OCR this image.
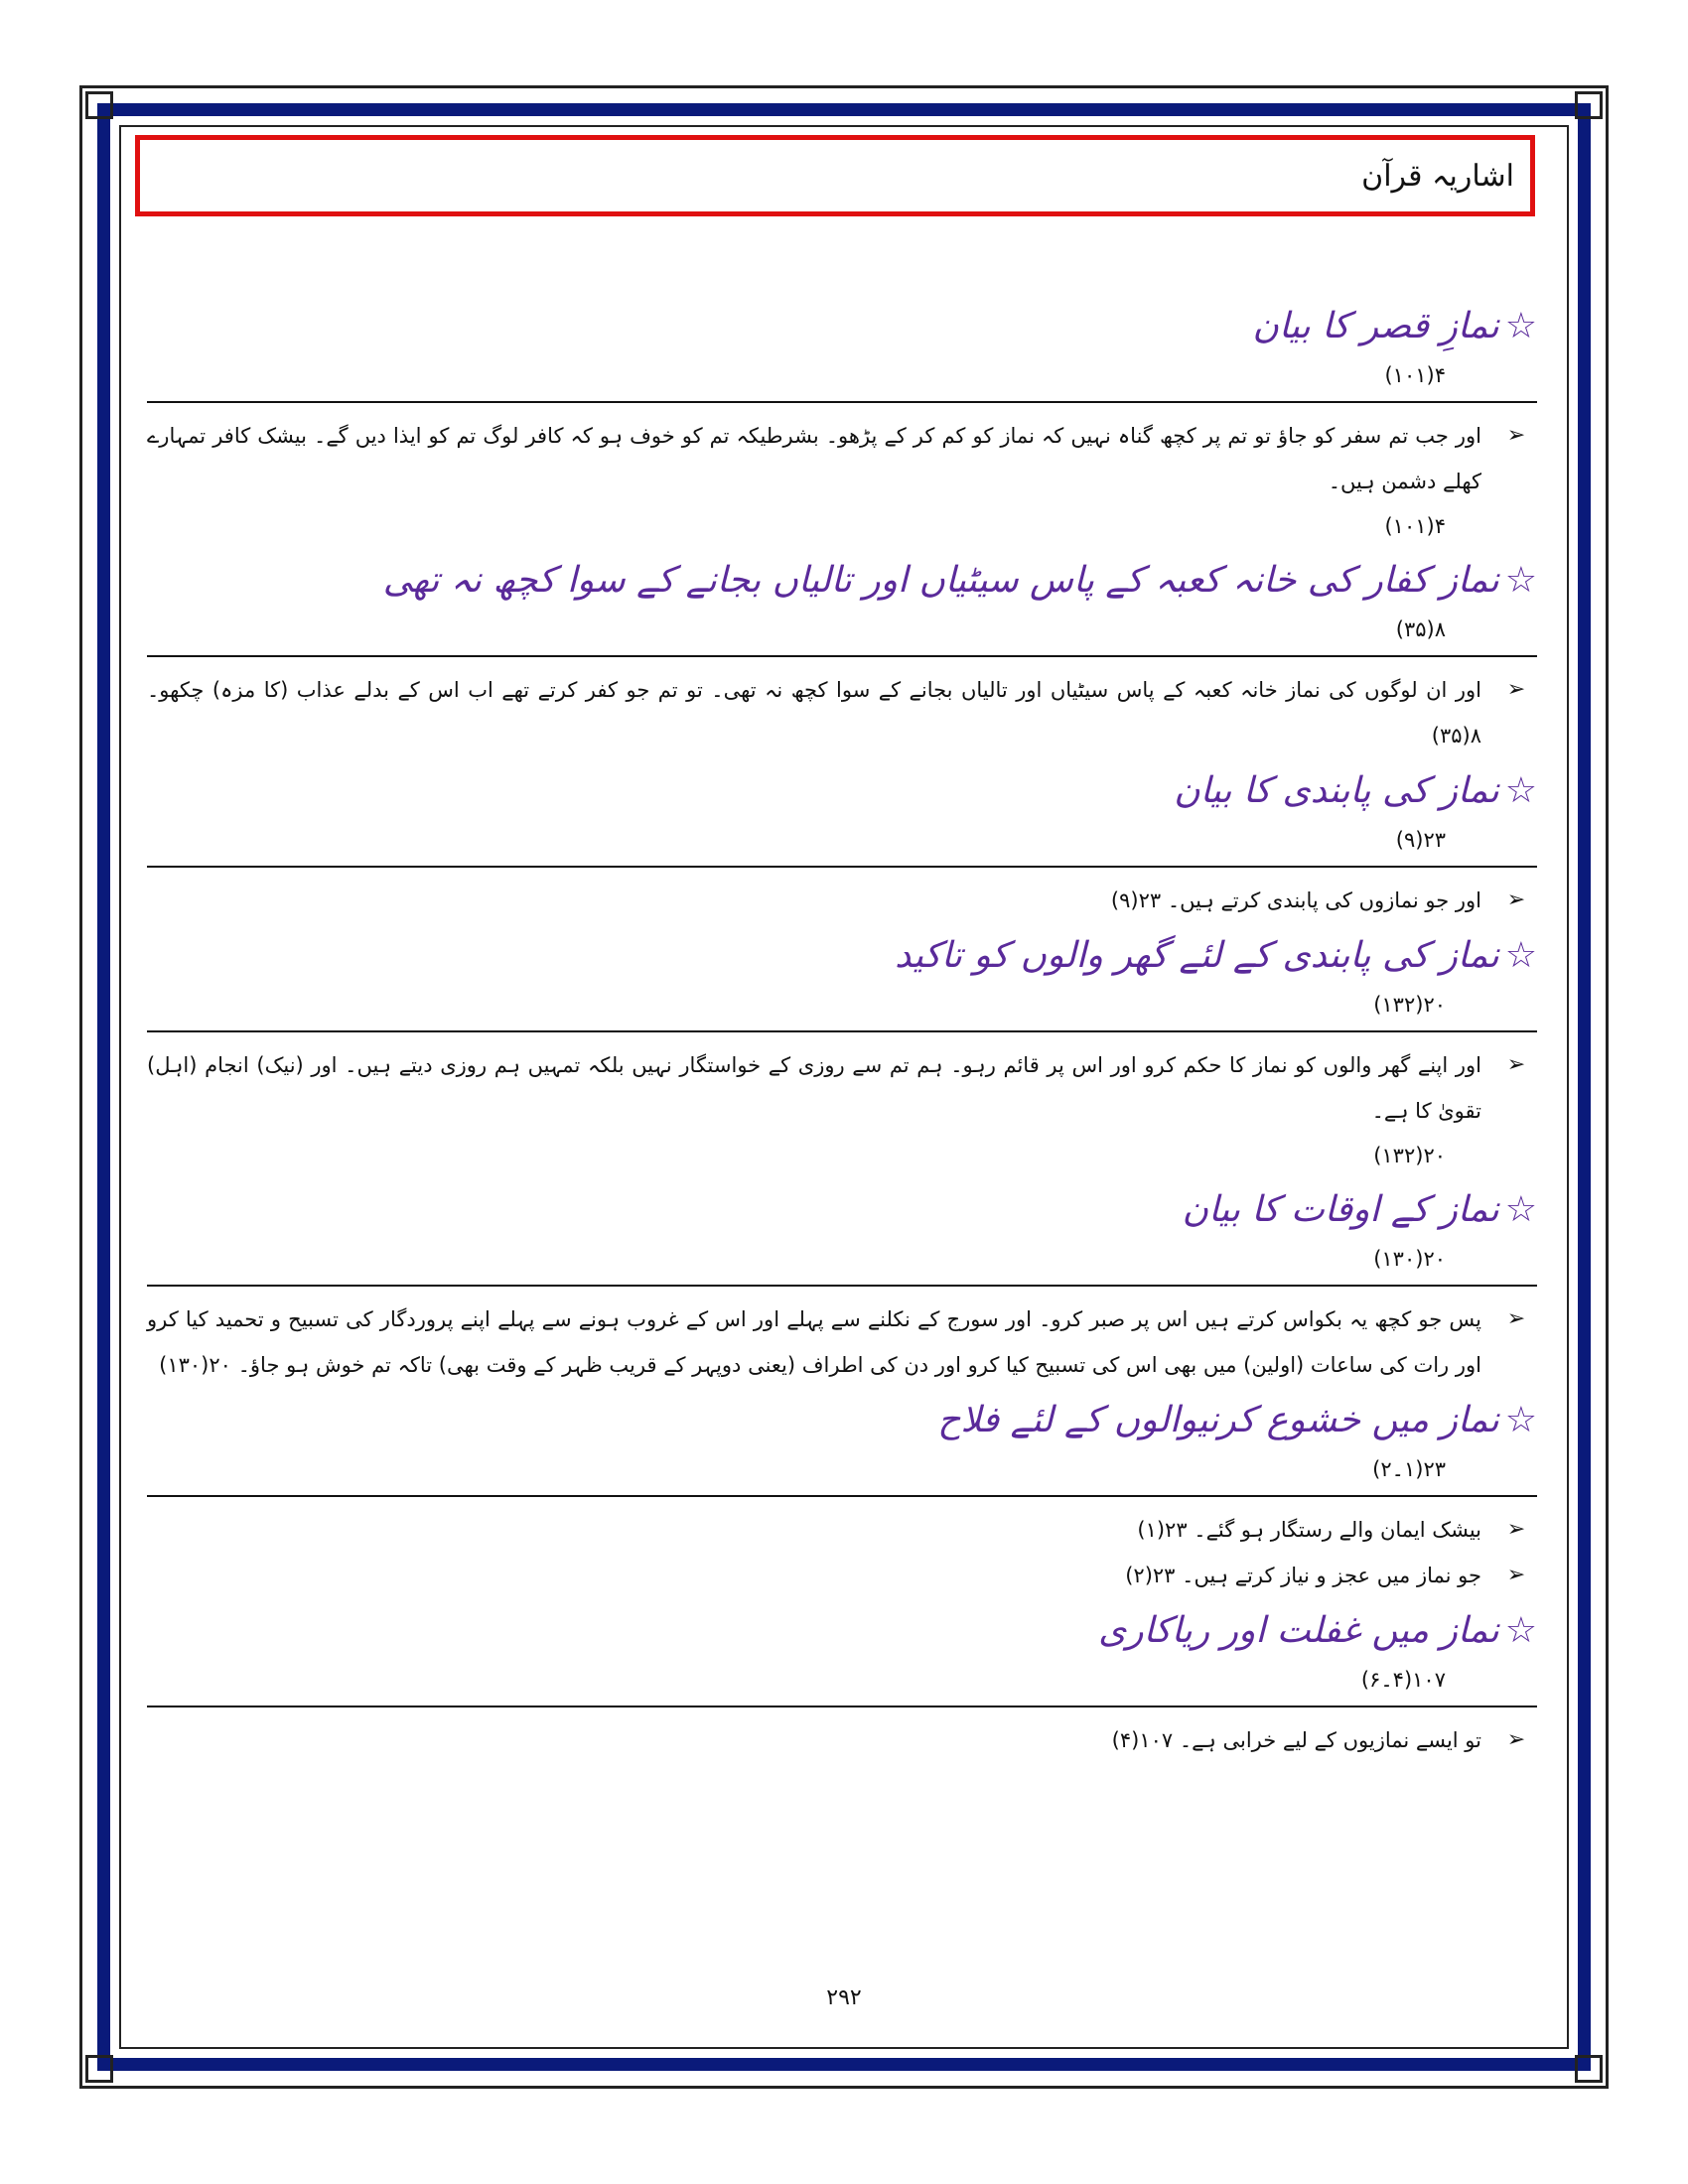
اشاریہ قرآن
☆نمازِ قصر کا بیان
۴(۱۰۱)
➢
اور جب تم سفر کو جاؤ تو تم پر کچھ گناہ نہیں کہ نماز کو کم کر کے پڑھو۔ بشرطیکہ تم کو خوف ہو کہ کافر لوگ تم کو ایذا دیں گے۔ بیشک کافر تمہارے کھلے دشمن ہیں۔
۴(۱۰۱)
☆نماز کفار کی خانہ کعبہ کے پاس سیٹیاں اور تالیاں بجانے کے سوا کچھ نہ تھی
۸(۳۵)
➢
اور ان لوگوں کی نماز خانہ کعبہ کے پاس سیٹیاں اور تالیاں بجانے کے سوا کچھ نہ تھی۔ تو تم جو کفر کرتے تھے اب اس کے بدلے عذاب (کا مزہ) چکھو۔ ۸(۳۵)
☆نماز کی پابندی کا بیان
۲۳(۹)
➢
اور جو نمازوں کی پابندی کرتے ہیں۔ ۲۳(۹)
☆نماز کی پابندی کے لئے گھر والوں کو تاکید
۲۰(۱۳۲)
➢
اور اپنے گھر والوں کو نماز کا حکم کرو اور اس پر قائم رہو۔ ہم تم سے روزی کے خواستگار نہیں بلکہ تمہیں ہم روزی دیتے ہیں۔ اور (نیک) انجام (اہل) تقویٰ کا ہے۔
۲۰(۱۳۲)
☆نماز کے اوقات کا بیان
۲۰(۱۳۰)
➢
پس جو کچھ یہ بکواس کرتے ہیں اس پر صبر کرو۔ اور سورج کے نکلنے سے پہلے اور اس کے غروب ہونے سے پہلے اپنے پروردگار کی تسبیح و تحمید کیا کرو اور رات کی ساعات (اولین) میں بھی اس کی تسبیح کیا کرو اور دن کی اطراف (یعنی دوپہر کے قریب ظہر کے وقت بھی) تاکہ تم خوش ہو جاؤ۔ ۲۰(۱۳۰)
☆نماز میں خشوع کرنیوالوں کے لئے فلاح
۲۳(۱۔۲)
➢
بیشک ایمان والے رستگار ہو گئے۔ ۲۳(۱)
➢
جو نماز میں عجز و نیاز کرتے ہیں۔ ۲۳(۲)
☆نماز میں غفلت اور ریاکاری
۱۰۷(۴۔۶)
➢
تو ایسے نمازیوں کے لیے خرابی ہے۔ ۱۰۷(۴)
۲۹۲
